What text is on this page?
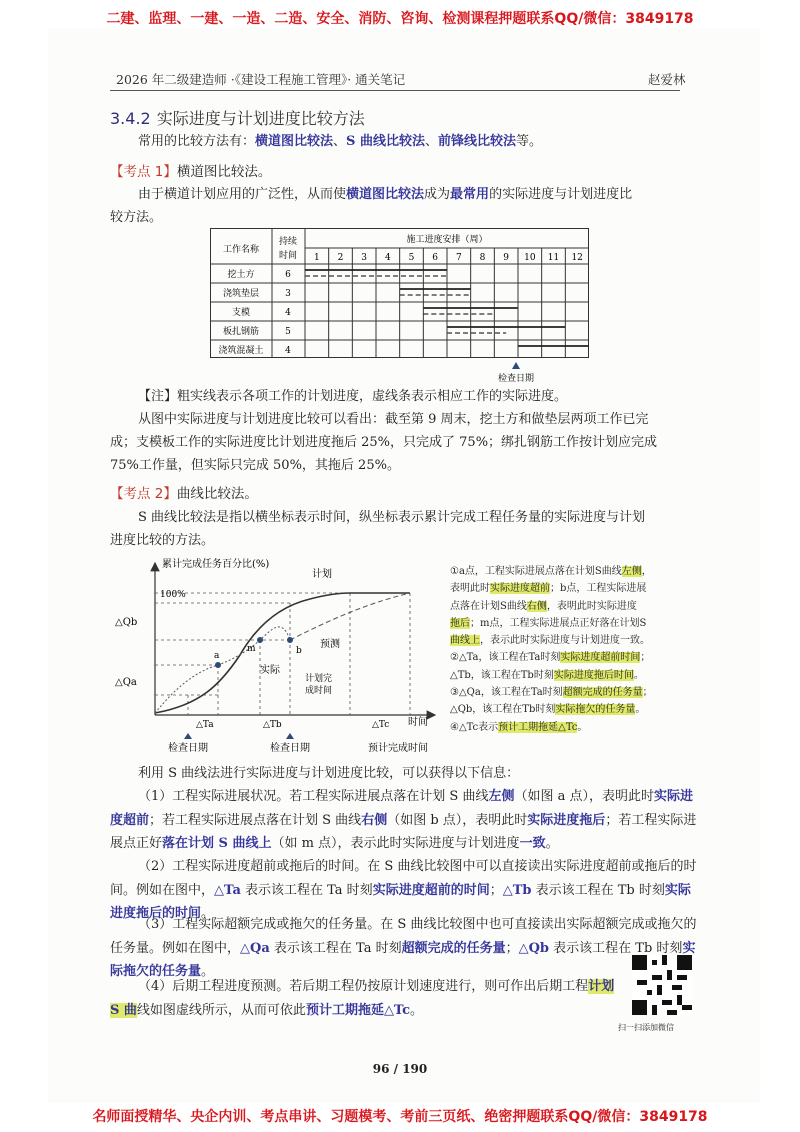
二建、监理、一建、一造、二造、安全、消防、咨询、检测课程押题联系QQ/微信：3849178
2026 年二级建造师 ·《建设工程施工管理》· 通关笔记	赵爱林
3.4.2 实际进度与计划进度比较方法
常用的比较方法有：横道图比较法、S 曲线比较法、前锋线比较法等。
【考点 1】横道图比较法。
由于横道计划应用的广泛性，从而使横道图比较法成为最常用的实际进度与计划进度比
较方法。
工作名称
持续
时间
施工进度安排（周）
1 2 3 4 5 6 7 8 9 10 11 12
挖土方	6
浇筑垫层	3
支模	4
板扎钢筋	5
浇筑混凝土 4
检查日期
【注】粗实线表示各项工作的计划进度，虚线条表示相应工作的实际进度。
从图中实际进度与计划进度比较可以看出：截至第 9 周末，挖土方和做垫层两项工作已完
成；支模板工作的实际进度比计划进度拖后 25%，只完成了 75%；绑扎钢筋工作按计划应完成
75%工作量，但实际只完成 50%，其拖后 25%。
【考点 2】曲线比较法。
S 曲线比较法是指以横坐标表示时间，纵坐标表示累计完成工程任务量的实际进度与计划
进度比较的方法。
累计完成任务百分比(%)
100%
△Qb
△Qa
计划
a
m	b
实际
预测
计划完
成时间
时间
△Ta	△Tb	△Tc
检查日期	检查日期	预计完成时间
①a点，工程实际进展点落在计划S曲线左侧，
表明此时实际进度超前；b点，工程实际进展
点落在计划S曲线右侧，表明此时实际进度
拖后；m点，工程实际进展点正好落在计划S
曲线上，表示此时实际进度与计划进度一致。
②△Ta，该工程在Ta时刻实际进度超前时间；
△Tb，该工程在Tb时刻实际进度拖后时间。
③△Qa，该工程在Ta时刻超额完成的任务量；
△Qb，该工程在Tb时刻实际拖欠的任务量。
④△Tc表示预计工期拖延△Tc。
利用 S 曲线法进行实际进度与计划进度比较，可以获得以下信息：
（1）工程实际进展状况。若工程实际进展点落在计划 S 曲线左侧（如图 a 点），表明此时实际进度超前；若工程实际进展点落在计划 S 曲线右侧（如图 b 点），表明此时实际进度拖后；若工程实际进展点正好落在计划 S 曲线上（如 m 点），表示此时实际进度与计划进度一致。
（2）工程实际进度超前或拖后的时间。在 S 曲线比较图中可以直接读出实际进度超前或拖后的时间。例如在图中，△Ta 表示该工程在 Ta 时刻实际进度超前的时间；△Tb 表示该工程在 Tb 时刻实际进度拖后的时间。
（3）工程实际超额完成或拖欠的任务量。在 S 曲线比较图中也可直接读出实际超额完成或拖欠的任务量。例如在图中，△Qa 表示该工程在 Ta 时刻超额完成的任务量；△Qb 表示该工程在 Tb 时刻实际拖欠的任务量。
（4）后期工程进度预测。若后期工程仍按原计划速度进行，则可作出后期工程计划 S 曲线如图虚线所示，从而可依此预计工期拖延△Tc。
扫一扫添加微信
96 / 190
名师面授精华、央企内训、考点串讲、习题模考、考前三页纸、绝密押题联系QQ/微信：3849178
